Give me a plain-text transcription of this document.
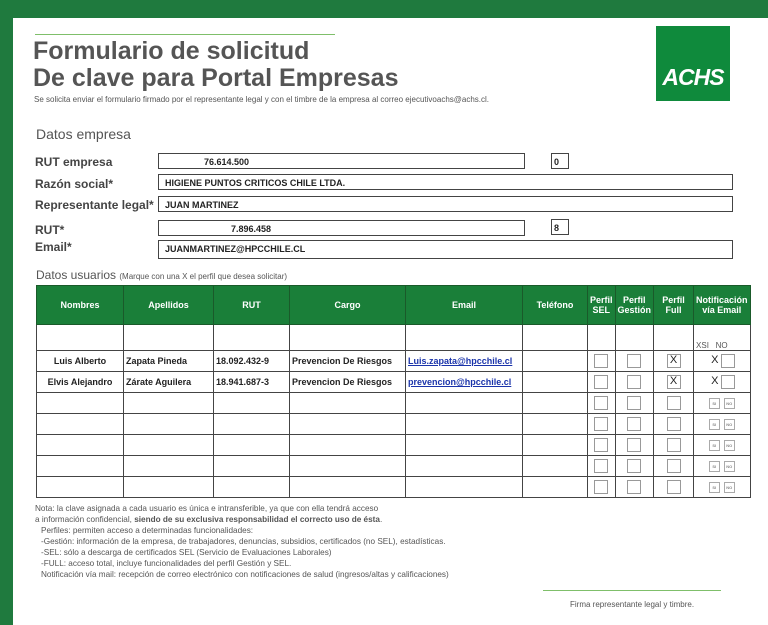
Formulario de solicitud
De clave para Portal Empresas
Se solicita enviar el formulario firmado por el representante legal y con el timbre de la empresa al correo ejecutivoachs@achs.cl.
ACHS
Datos empresa
RUT empresa	76.614.500	0
Razón social*	HIGIENE PUNTOS CRITICOS CHILE LTDA.
Representante legal*	JUAN MARTINEZ
RUT*	7.896.458	8
Email*	JUANMARTINEZ@HPCCHILE.CL
Datos usuarios (Marque con una X el perfil que desea solicitar)
Nombres	Apellidos	RUT	Cargo	Email	Teléfono	Perfil SEL	Perfil Gestión	Perfil Full	Notificación vía Email
									XSI NO
Luis Alberto	Zapata Pineda	18.092.432-9	Prevencion De Riesgos	Luis.zapata@hpcchile.cl				X	X
Elvis Alejandro	Zárate Aguilera	18.941.687-3	Prevencion De Riesgos	prevencion@hpcchile.cl				X	X
									SI NO
									SI NO
									SI NO
									SI NO
									SI NO
Nota: la clave asignada a cada usuario es única e intransferible, ya que con ella tendrá acceso
a información confidencial, siendo de su exclusiva responsabilidad el correcto uso de ésta.
Perfiles: permiten acceso a determinadas funcionalidades:
-Gestión: información de la empresa, de trabajadores, denuncias, subsidios, certificados (no SEL), estadísticas.
-SEL: sólo a descarga de certificados SEL (Servicio de Evaluaciones Laborales)
-FULL: acceso total, incluye funcionalidades del perfil Gestión y SEL.
Notificación vía mail: recepción de correo electrónico con notificaciones de salud (ingresos/altas y calificaciones)
Firma representante legal y timbre.
